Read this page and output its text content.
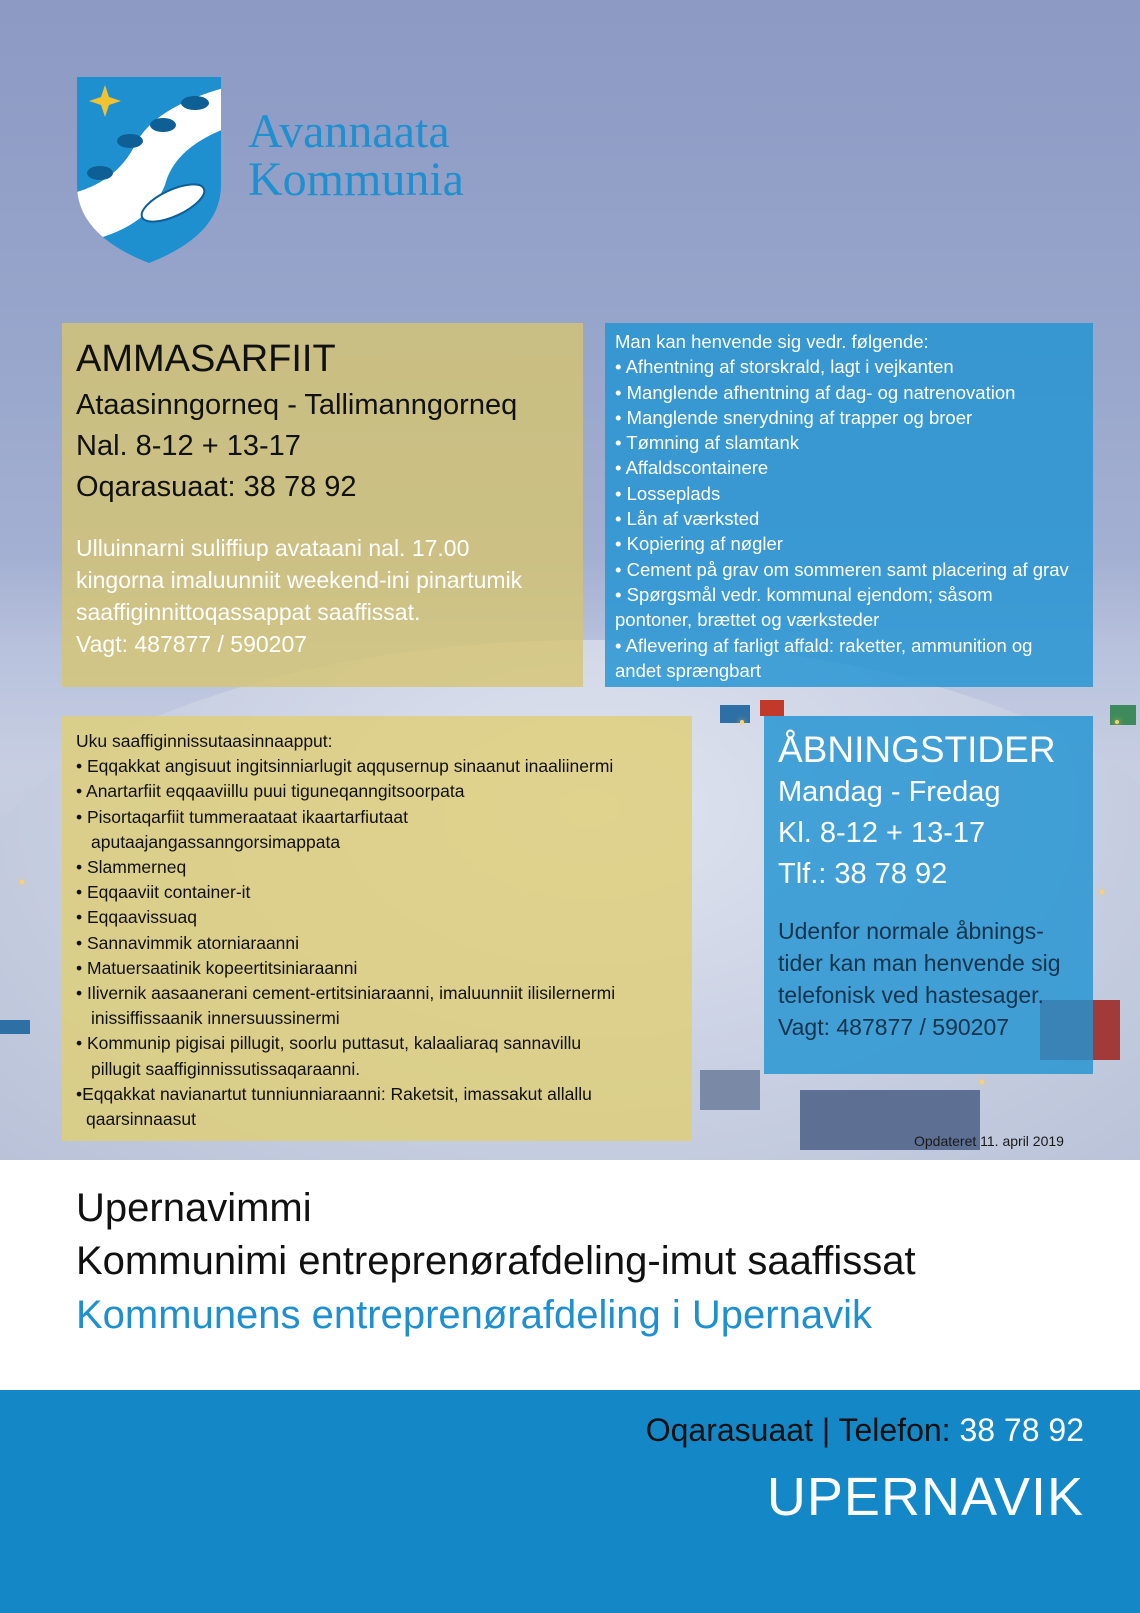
Avannaata
Kommunia
AMMASARFIIT
Ataasinngorneq - Tallimanngorneq
Nal. 8-12 + 13-17
Oqarasuaat: 38 78 92
Ulluinnarni suliffiup avataani nal. 17.00
kingorna imaluunniit weekend-ini pinartumik
saaffiginnittoqassappat saaffissat.
Vagt: 487877 / 590207
Man kan henvende sig vedr. følgende:
• Afhentning af storskrald, lagt i vejkanten
• Manglende afhentning af dag- og natrenovation
• Manglende snerydning af trapper og broer
• Tømning af slamtank
• Affaldscontainere
• Losseplads
• Lån af værksted
• Kopiering af nøgler
• Cement på grav om sommeren samt placering af grav
• Spørgsmål vedr. kommunal ejendom; såsom
pontoner, brættet og værksteder
• Aflevering af farligt affald: raketter, ammunition og
andet sprængbart
Uku saaffiginnissutaasinnaapput:
• Eqqakkat angisuut ingitsinniarlugit aqqusernup sinaanut inaaliinermi
• Anartarfiit eqqaaviillu puui tiguneqanngitsoorpata
• Pisortaqarfiit tummeraataat ikaartarfiutaat
aputaajangassanngorsimappata
• Slammerneq
• Eqqaaviit container-it
• Eqqaavissuaq
• Sannavimmik atorniaraanni
• Matuersaatinik kopeertitsiniaraanni
• Ilivernik aasaanerani cement-ertitsiniaraanni, imaluunniit ilisilernermi
inissiffissaanik innersuussinermi
• Kommunip pigisai pillugit, soorlu puttasut, kalaaliaraq sannavillu
pillugit saaffiginnissutissaqaraanni.
•Eqqakkat navianartut tunniunniaraanni: Raketsit, imassakut allallu
qaarsinnaasut
ÅBNINGSTIDER
Mandag - Fredag
Kl. 8-12 + 13-17
Tlf.: 38 78 92
Udenfor normale åbnings-
tider kan man henvende sig
telefonisk ved hastesager.
Vagt: 487877 / 590207
Opdateret 11. april 2019
Upernavimmi
Kommunimi entreprenørafdeling-imut saaffissat
Kommunens entreprenørafdeling i Upernavik
Oqarasuaat | Telefon: 38 78 92
UPERNAVIK
